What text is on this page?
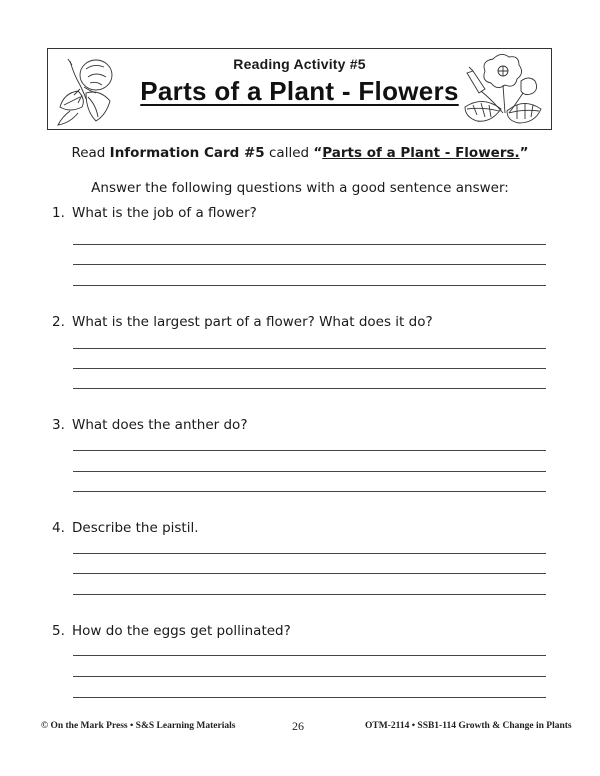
Reading Activity #5
Parts of a Plant - Flowers
Read Information Card #5 called “Parts of a Plant - Flowers.”
Answer the following questions with a good sentence answer:
1. What is the job of a flower?
2. What is the largest part of a flower? What does it do?
3. What does the anther do?
4. Describe the pistil.
5. How do the eggs get pollinated?
© On the Mark Press • S&S Learning Materials	26	OTM-2114 • SSB1-114 Growth & Change in Plants
